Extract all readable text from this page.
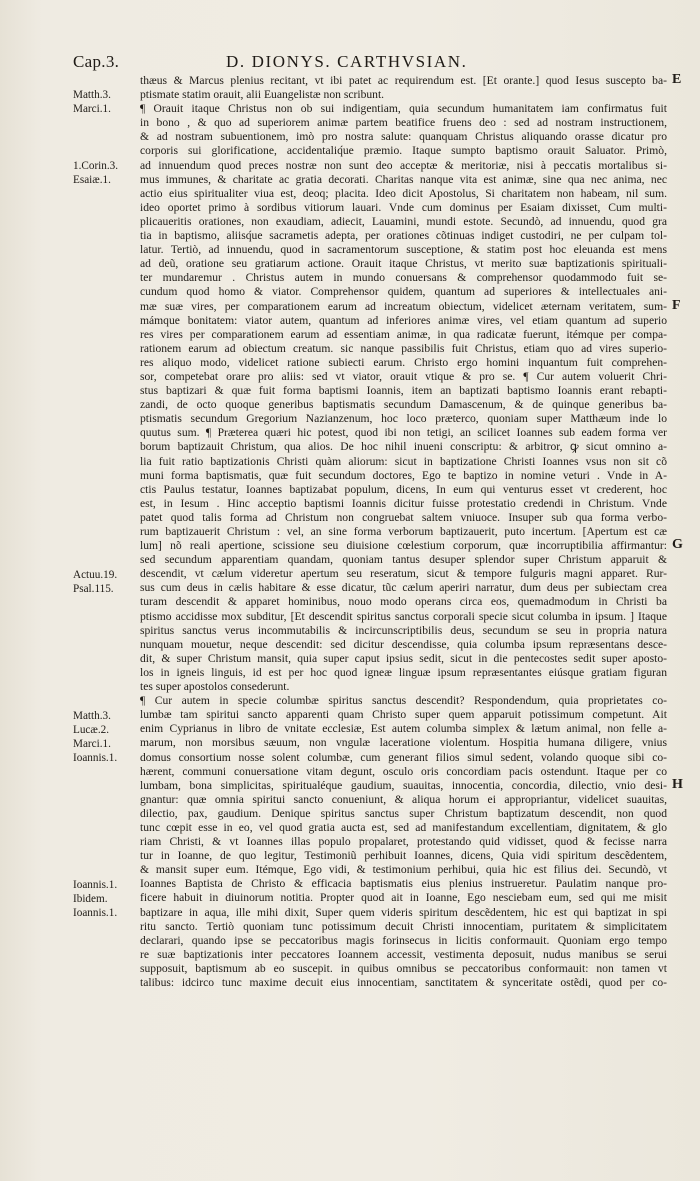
Cap.3.	D. DIONYS. CARTHVSIAN.
Matth.3.
Marci.1.
1.Corin.3.
Esaiæ.1.
Actuu.19.
Psal.115.
Matth.3.
Lucæ.2.
Marci.1.
Ioannis.1.
Ioannis.1.
Ibidem.
Ioannis.1.
thæus & Marcus plenius recitant, vt ibi patet ac requirendum est. [Et orante.] quod Iesus suscepto ba-
ptismate statim orauit, alii Euangelistæ non scribunt.
¶ Orauit itaque Christus non ob sui indigentiam, quia secundum humanitatem iam confirmatus fuit
in bono , & quo ad superiorem animæ partem beatifice fruens deo : sed ad nostram instructionem,
& ad nostram subuentionem, imò pro nostra salute: quanquam Christus aliquando orasse dicatur pro
corporis sui glorificatione, accidentaliq́ue præmio. Itaque sumpto baptismo orauit Saluator. Primò,
ad innuendum quod preces nostræ non sunt deo acceptæ & meritoriæ, nisi à peccatis mortalibus si-
mus immunes, & charitate ac gratia decorati. Charitas nanque vita est animæ, sine qua nec anima, nec
actio eius spiritualiter viua est, deoq; placita. Ideo dicit Apostolus, Si charitatem non habeam, nil sum.
ideo oportet primo à sordibus vitiorum lauari. Vnde cum dominus per Esaiam dixisset, Cum multi-
plicaueritis orationes, non exaudiam, adiecit, Lauamini, mundi estote. Secundò, ad innuendu, quod gra
tia in baptismo, aliisq́ue sacrametis adepta, per orationes cõtinuas indiget custodiri, ne per culpam tol-
latur. Tertiò, ad innuendu, quod in sacramentorum susceptione, & statim post hoc eleuanda est mens
ad deũ, oratione seu gratiarum actione. Orauit itaque Christus, vt merito suæ baptizationis spirituali-
ter mundaremur . Christus autem in mundo conuersans & comprehensor quodammodo fuit se-
cundum quod homo & viator. Comprehensor quidem, quantum ad superiores & intellectuales ani-
mæ suæ vires, per comparationem earum ad increatum obiectum, videlicet æternam veritatem, sum-
mámque bonitatem: viator autem, quantum ad inferiores animæ vires, vel etiam quantum ad superio
res vires per comparationem earum ad essentiam animæ, in qua radicatæ fuerunt, itémque per compa-
rationem earum ad obiectum creatum. sic nanque passibilis fuit Christus, etiam quo ad vires superio-
res aliquo modo, videlicet ratione subiecti earum. Christo ergo homini inquantum fuit comprehen-
sor, competebat orare pro aliis: sed vt viator, orauit vtique & pro se. ¶ Cur autem voluerit Chri-
stus baptizari & quæ fuit forma baptismi Ioannis, item an baptizati baptismo Ioannis erant rebapti-
zandi, de octo quoque generibus baptismatis secundum Damascenum, & de quinque generibus ba-
ptismatis secundum Gregorium Nazianzenum, hoc loco præterco, quoniam super Matthæum inde lo
quutus sum. ¶ Præterea quæri hic potest, quod ibi non tetigi, an scilicet Ioannes sub eadem forma ver
borum baptizauit Christum, qua alios. De hoc nihil inueni conscriptu: & arbitror, ꝙ sicut omnino a-
lia fuit ratio baptizationis Christi quàm aliorum: sicut in baptizatione Christi Ioannes vsus non sit cõ
muni forma baptismatis, quæ fuit secundum doctores, Ego te baptizo in nomine veturi . Vnde in A-
ctis Paulus testatur, Ioannes baptizabat populum, dicens, In eum qui venturus esset vt crederent, hoc
est, in Iesum . Hinc acceptio baptismi Ioannis dicitur fuisse protestatio credendi in Christum. Vnde
patet quod talis forma ad Christum non congruebat saltem vniuoce. Insuper sub qua forma verbo-
rum baptizauerit Christum : vel, an sine forma verborum baptizauerit, puto incertum. [Apertum est cæ
lum] nõ reali apertione, scissione seu diuisione cœlestium corporum, quæ incorruptibilia affirmantur:
sed secundum apparentiam quandam, quoniam tantus desuper splendor super Christum apparuit &
descendit, vt cælum videretur apertum seu reseratum, sicut & tempore fulguris magni apparet. Rur-
sus cum deus in cælis habitare & esse dicatur, tũc cælum aperiri narratur, dum deus per subiectam crea
turam descendit & apparet hominibus, nouo modo operans circa eos, quemadmodum in Christi ba
ptismo accidisse mox subditur, [Et descendit spiritus sanctus corporali specie sicut columba in ipsum. ] Itaque
spiritus sanctus verus incommutabilis & incircunscriptibilis deus, secundum se seu in propria natura
nunquam mouetur, neque descendit: sed dicitur descendisse, quia columba ipsum repræsentans desce-
dit, & super Christum mansit, quia super caput ipsius sedit, sicut in die pentecostes sedit super aposto-
los in igneis linguis, id est per hoc quod igneæ linguæ ipsum repræsentantes eiúsque gratiam figuran
tes super apostolos consederunt.
¶ Cur autem in specie columbæ spiritus sanctus descendit? Respondendum, quia proprietates co-
lumbæ tam spiritui sancto apparenti quam Christo super quem apparuit potissimum competunt. Ait
enim Cyprianus in libro de vnitate ecclesiæ, Est autem columba simplex & lætum animal, non felle a-
marum, non morsibus sæuum, non vngulæ laceratione violentum. Hospitia humana diligere, vnius
domus consortium nosse solent columbæ, cum generant filios simul sedent, volando quoque sibi co-
hærent, communi conuersatione vitam degunt, osculo oris concordiam pacis ostendunt. Itaque per co
lumbam, bona simplicitas, spiritualéque gaudium, suauitas, innocentia, concordia, dilectio, vnio desi-
gnantur: quæ omnia spiritui sancto conueniunt, & aliqua horum ei appropriantur, videlicet suauitas,
dilectio, pax, gaudium. Denique spiritus sanctus super Christum baptizatum descendit, non quod
tunc cœpit esse in eo, vel quod gratia aucta est, sed ad manifestandum excellentiam, dignitatem, & glo
riam Christi, & vt Ioannes illas populo propalaret, protestando quid vidisset, quod & fecisse narra
tur in Ioanne, de quo legitur, Testimoniũ perhibuit Ioannes, dicens, Quia vidi spiritum descẽdentem,
& mansit super eum. Itémque, Ego vidi, & testimonium perhibui, quia hic est filius dei. Secundò, vt
Ioannes Baptista de Christo & efficacia baptismatis eius plenius instrueretur. Paulatim nanque pro-
ficere habuit in diuinorum notitia. Propter quod ait in Ioanne, Ego nesciebam eum, sed qui me misit
baptizare in aqua, ille mihi dixit, Super quem videris spiritum descẽdentem, hic est qui baptizat in spi
ritu sancto. Tertiò quoniam tunc potissimum decuit Christi innocentiam, puritatem & simplicitatem
declarari, quando ipse se peccatoribus magis forinsecus in licitis conformauit. Quoniam ergo tempo
re suæ baptizationis inter peccatores Ioannem accessit, vestimenta deposuit, nudus manibus se serui
supposuit, baptismum ab eo suscepit. in quibus omnibus se peccatoribus conformauit: non tamen vt
talibus: idcirco tunc maxime decuit eius innocentiam, sanctitatem & synceritate ostẽdi, quod per co-
E
F
G
H
